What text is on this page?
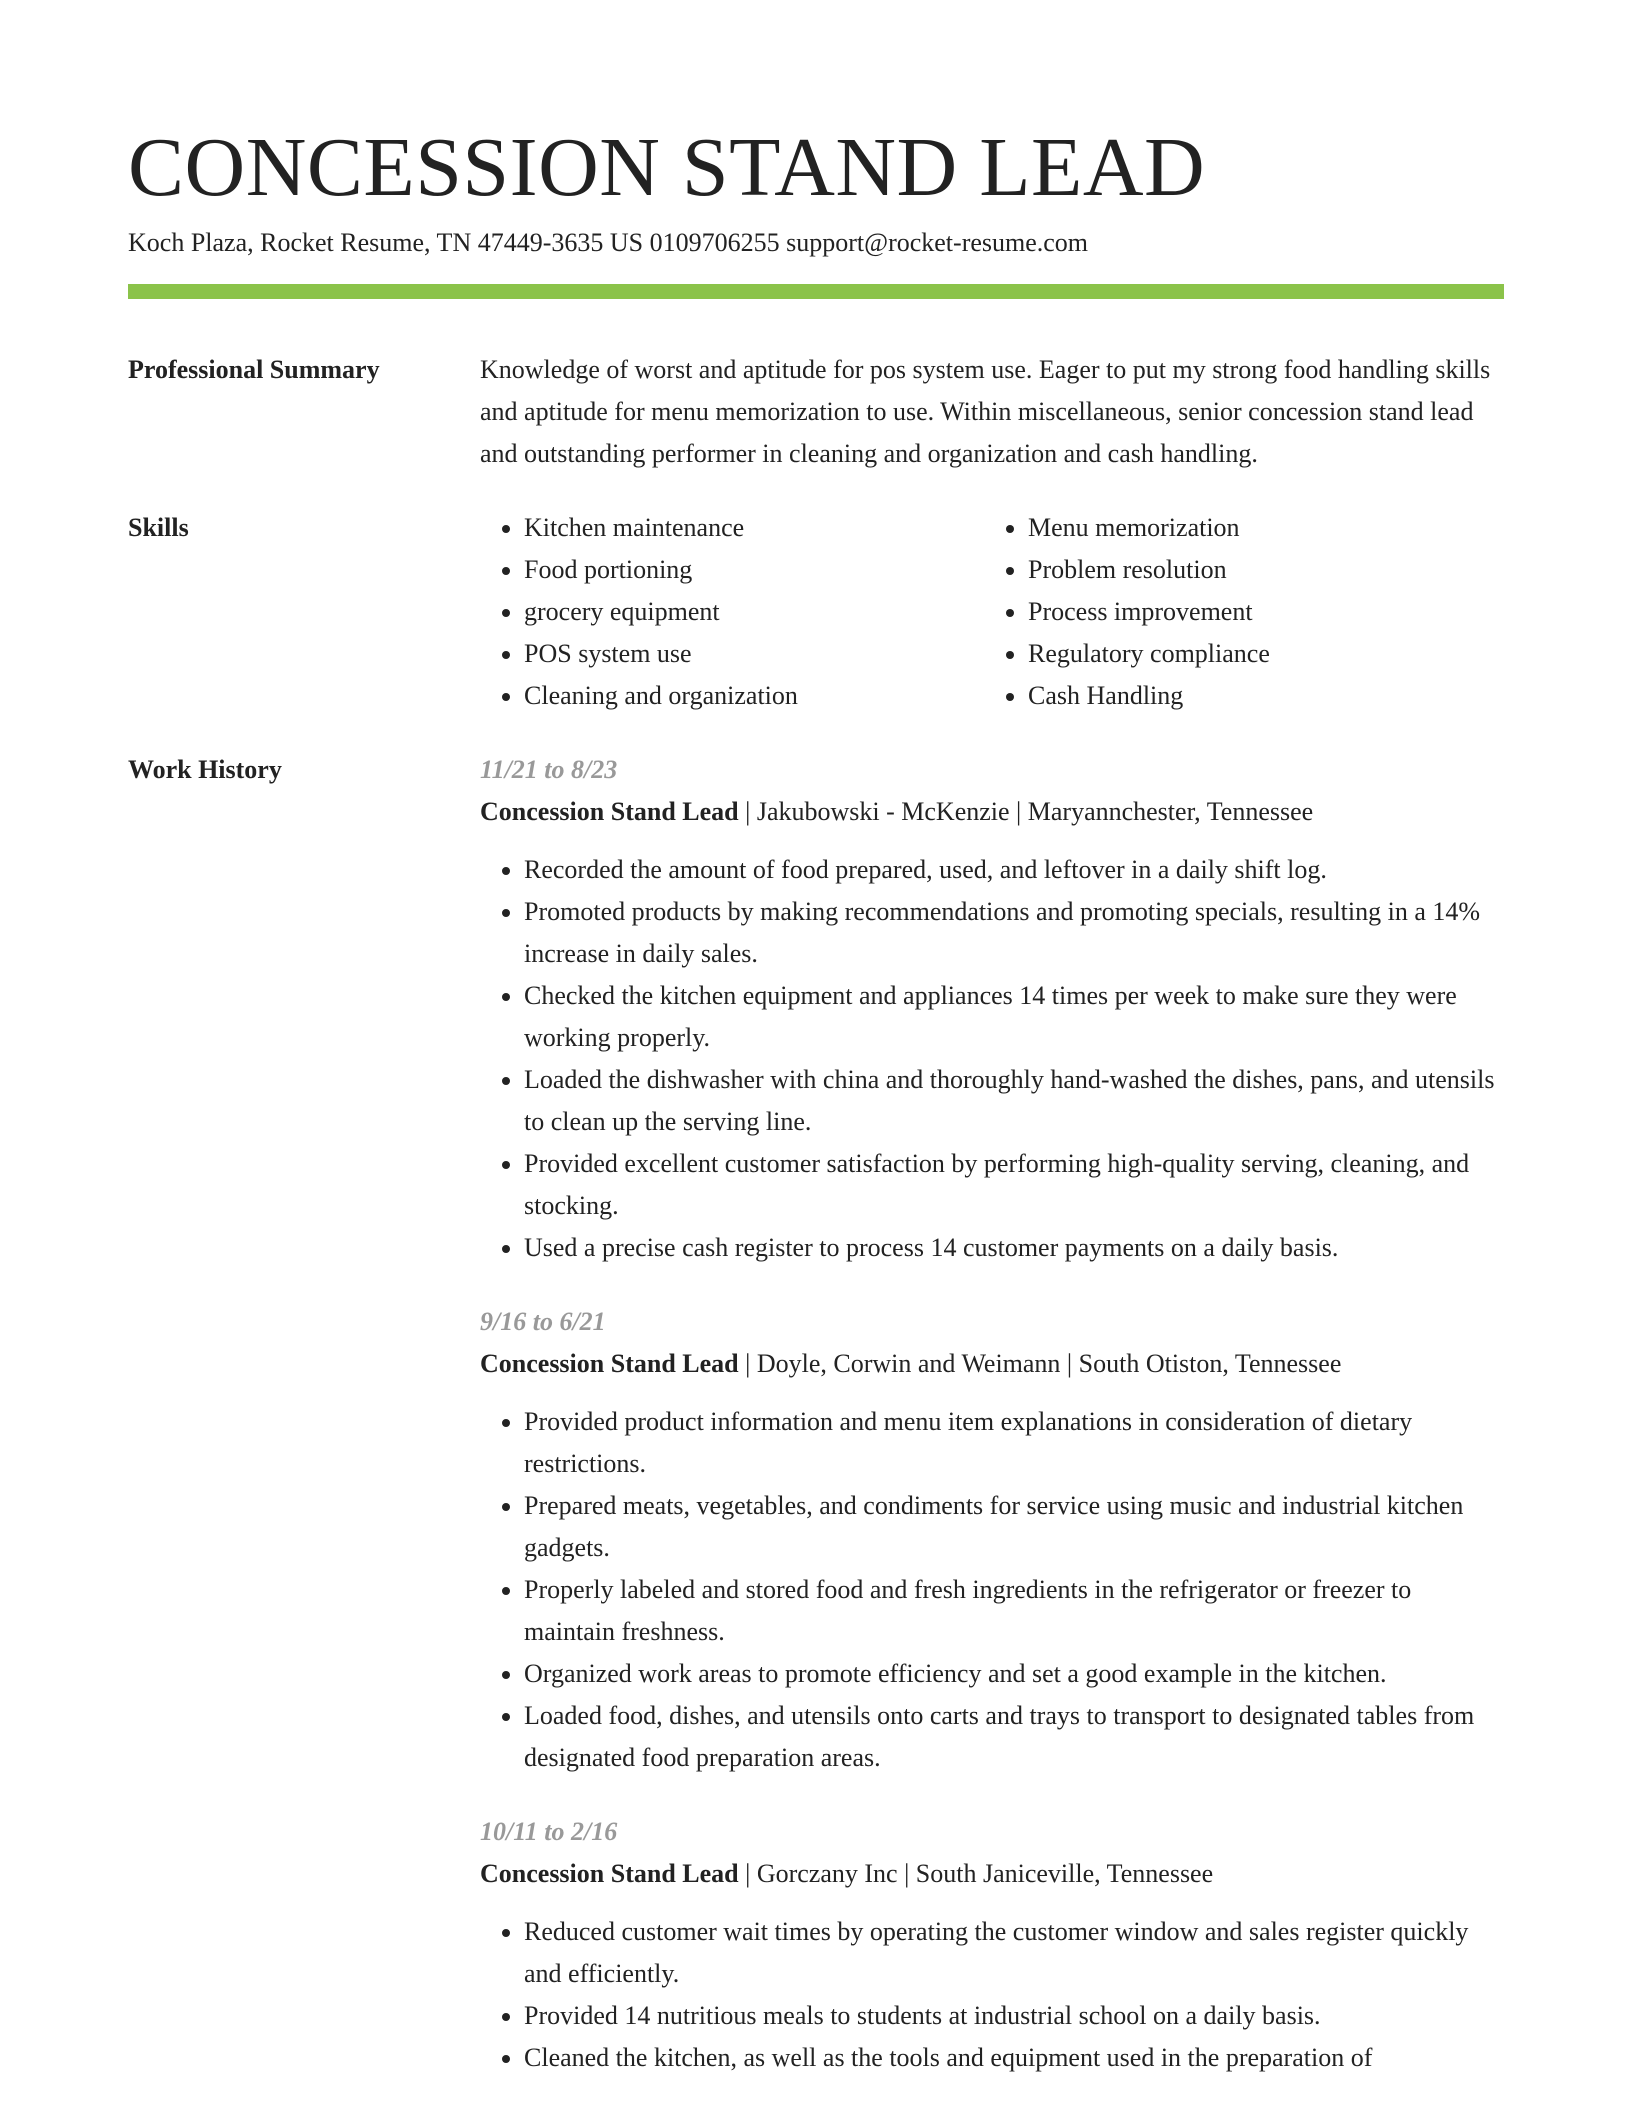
CONCESSION STAND LEAD
Koch Plaza, Rocket Resume, TN 47449-3635 US 0109706255 support@rocket-resume.com
Professional Summary	Knowledge of worst and aptitude for pos system use. Eager to put my strong food handling skills and aptitude for menu memorization to use. Within miscellaneous, senior concession stand lead and outstanding performer in cleaning and organization and cash handling.

Skills
•	Kitchen maintenance
• Food portioning
• grocery equipment
• POS system use
• Cleaning and organization
• Menu memorization
• Problem resolution
• Process improvement
• Regulatory compliance
• Cash Handling
Work History	11/21 to 8/23
Concession Stand Lead | Jakubowski - McKenzie | Maryannchester, Tennessee
• Recorded the amount of food prepared, used, and leftover in a daily shift log.
• Promoted products by making recommendations and promoting specials, resulting in a 14% increase in daily sales.
• Checked the kitchen equipment and appliances 14 times per week to make sure they were working properly.
• Loaded the dishwasher with china and thoroughly hand-washed the dishes, pans, and utensils to clean up the serving line.
• Provided excellent customer satisfaction by performing high-quality serving, cleaning, and stocking.
• Used a precise cash register to process 14 customer payments on a daily basis.
9/16 to 6/21
Concession Stand Lead | Doyle, Corwin and Weimann | South Otiston, Tennessee
• Provided product information and menu item explanations in consideration of dietary restrictions.
• Prepared meats, vegetables, and condiments for service using music and industrial kitchen gadgets.
• Properly labeled and stored food and fresh ingredients in the refrigerator or freezer to maintain freshness.
• Organized work areas to promote efficiency and set a good example in the kitchen.
• Loaded food, dishes, and utensils onto carts and trays to transport to designated tables from designated food preparation areas.
10/11 to 2/16
Concession Stand Lead | Gorczany Inc | South Janiceville, Tennessee
• Reduced customer wait times by operating the customer window and sales register quickly and efficiently.
• Provided 14 nutritious meals to students at industrial school on a daily basis.
• Cleaned the kitchen, as well as the tools and equipment used in the preparation of
